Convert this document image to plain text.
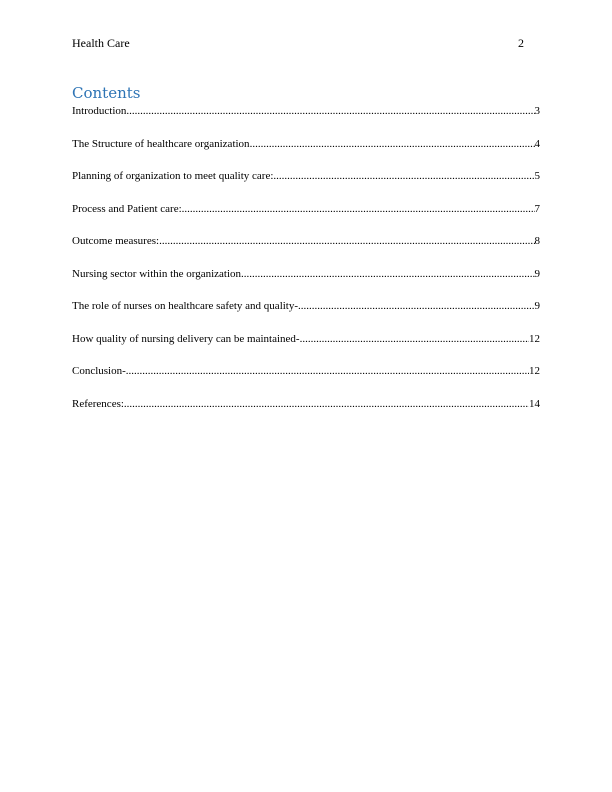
Health Care	2
Contents
Introduction .....	3
The Structure of healthcare organization .....	4
Planning of organization to meet quality care: .....	5
Process and Patient care: .....	7
Outcome measures: .....	8
Nursing sector within the organization .....	9
The role of nurses on healthcare safety and quality- .....	9
How quality of nursing delivery can be maintained- .....	12
Conclusion- .....	12
References: .....	14
